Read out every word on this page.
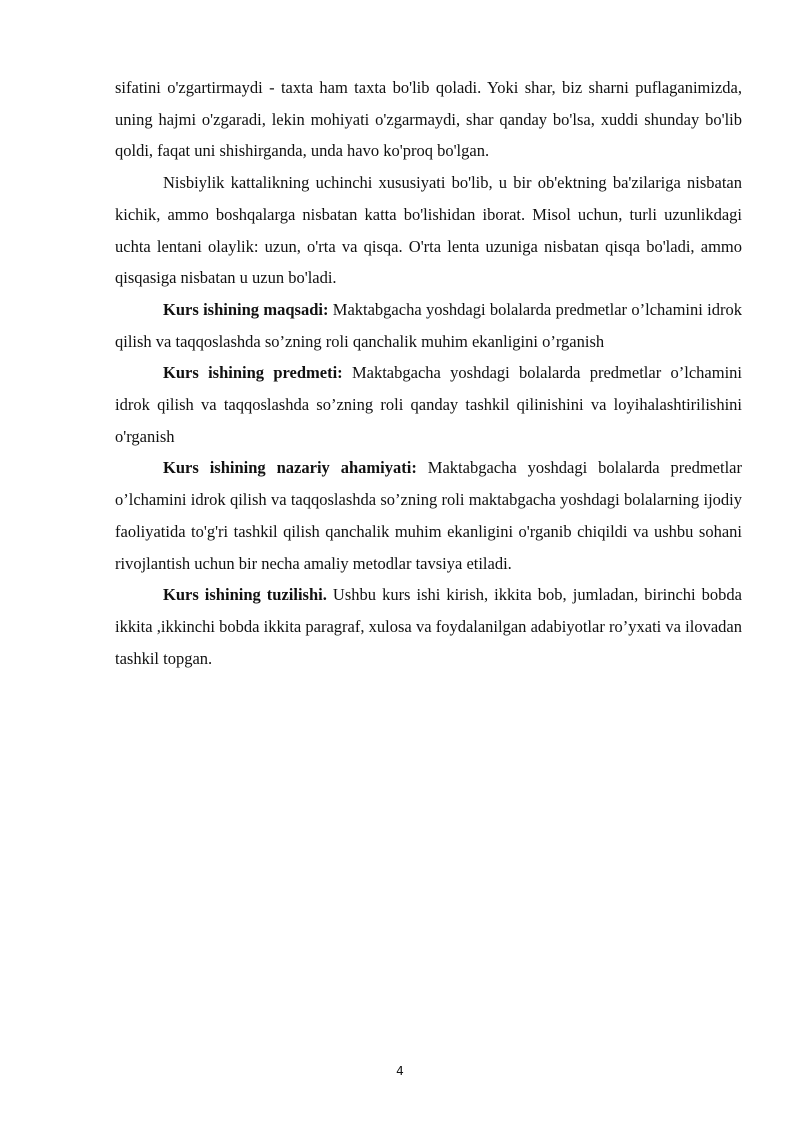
sifatini o'zgartirmaydi - taxta ham taxta bo'lib qoladi. Yoki shar, biz sharni puflaganimizda, uning hajmi o'zgaradi, lekin mohiyati o'zgarmaydi, shar qanday bo'lsa, xuddi shunday bo'lib qoldi, faqat uni shishirganda, unda havo ko'proq bo'lgan.

Nisbiylik kattalikning uchinchi xususiyati bo'lib, u bir ob'ektning ba'zilariga nisbatan kichik, ammo boshqalarga nisbatan katta bo'lishidan iborat. Misol uchun, turli uzunlikdagi uchta lentani olaylik: uzun, o'rta va qisqa. O'rta lenta uzuniga nisbatan qisqa bo'ladi, ammo qisqasiga nisbatan u uzun bo'ladi.

Kurs ishining maqsadi: Maktabgacha yoshdagi bolalarda predmetlar o’lchamini idrok qilish va taqqoslashda so’zning roli qanchalik muhim ekanligini o’rganish

Kurs ishining predmeti: Maktabgacha yoshdagi bolalarda predmetlar o’lchamini idrok qilish va taqqoslashda so’zning roli qanday tashkil qilinishini va loyihalashtirilishini o'rganish

Kurs ishining nazariy ahamiyati: Maktabgacha yoshdagi bolalarda predmetlar o’lchamini idrok qilish va taqqoslashda so’zning roli maktabgacha yoshdagi bolalarning ijodiy faoliyatida to'g'ri tashkil qilish qanchalik muhim ekanligini o'rganib chiqildi va ushbu sohani rivojlantish uchun bir necha amaliy metodlar tavsiya etiladi.

Kurs ishining tuzilishi. Ushbu kurs ishi kirish, ikkita bob, jumladan, birinchi bobda ikkita ,ikkinchi bobda ikkita paragraf, xulosa va foydalanilgan adabiyotlar ro’yxati va ilovadan tashkil topgan.

4
